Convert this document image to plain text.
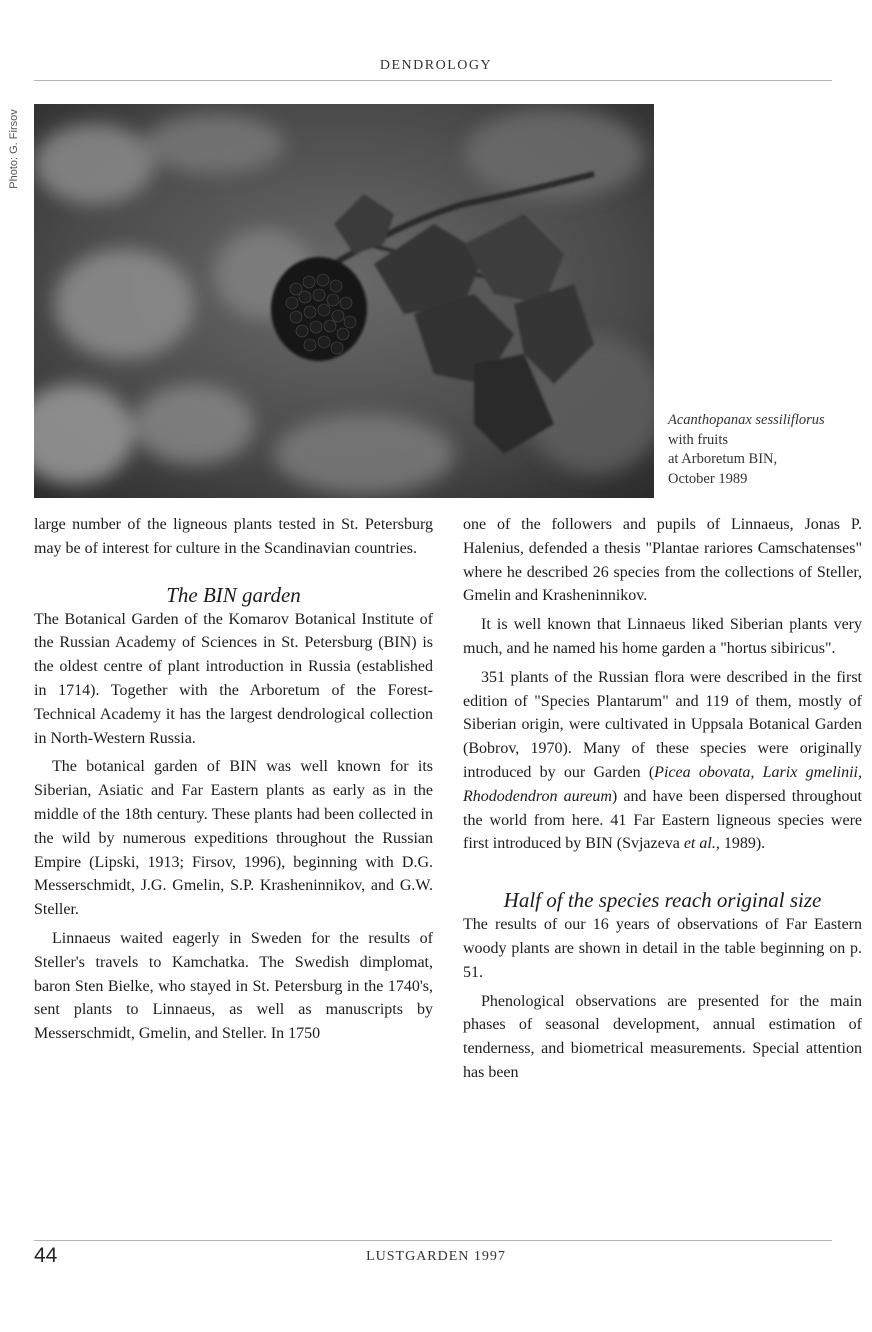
DENDROLOGY
Photo: G. Firsov
Acanthopanax sessiliflorus
with fruits
at Arboretum BIN,
October 1989

large number of the ligneous plants tested in St. Petersburg may be of interest for culture in the Scandinavian countries.

The BIN garden

The Botanical Garden of the Komarov Botanical Institute of the Russian Academy of Sciences in St. Petersburg (BIN) is the oldest centre of plant introduction in Russia (established in 1714). Together with the Arboretum of the Forest-Technical Academy it has the largest dendrological collection in North-Western Russia.

The botanical garden of BIN was well known for its Siberian, Asiatic and Far Eastern plants as early as in the middle of the 18th century. These plants had been collected in the wild by numerous expeditions throughout the Russian Empire (Lipski, 1913; Firsov, 1996), beginning with D.G. Messerschmidt, J.G. Gmelin, S.P. Krasheninnikov, and G.W. Steller.

Linnaeus waited eagerly in Sweden for the results of Steller's travels to Kamchatka. The Swedish dimplomat, baron Sten Bielke, who stayed in St. Petersburg in the 1740's, sent plants to Linnaeus, as well as manuscripts by Messerschmidt, Gmelin, and Steller. In 1750

one of the followers and pupils of Linnaeus, Jonas P. Halenius, defended a thesis "Plantae rariores Camschatenses" where he described 26 species from the collections of Steller, Gmelin and Krasheninnikov.

It is well known that Linnaeus liked Siberian plants very much, and he named his home garden a "hortus sibiricus".

351 plants of the Russian flora were described in the first edition of "Species Plantarum" and 119 of them, mostly of Siberian origin, were cultivated in Uppsala Botanical Garden (Bobrov, 1970). Many of these species were originally introduced by our Garden (Picea obovata, Larix gmelinii, Rhododendron aureum) and have been dispersed throughout the world from here. 41 Far Eastern ligneous species were first introduced by BIN (Svjazeva et al., 1989).

Half of the species reach original size

The results of our 16 years of observations of Far Eastern woody plants are shown in detail in the table beginning on p. 51.

Phenological observations are presented for the main phases of seasonal development, annual estimation of tenderness, and biometrical measurements. Special attention has been

44	LUSTGARDEN 1997
